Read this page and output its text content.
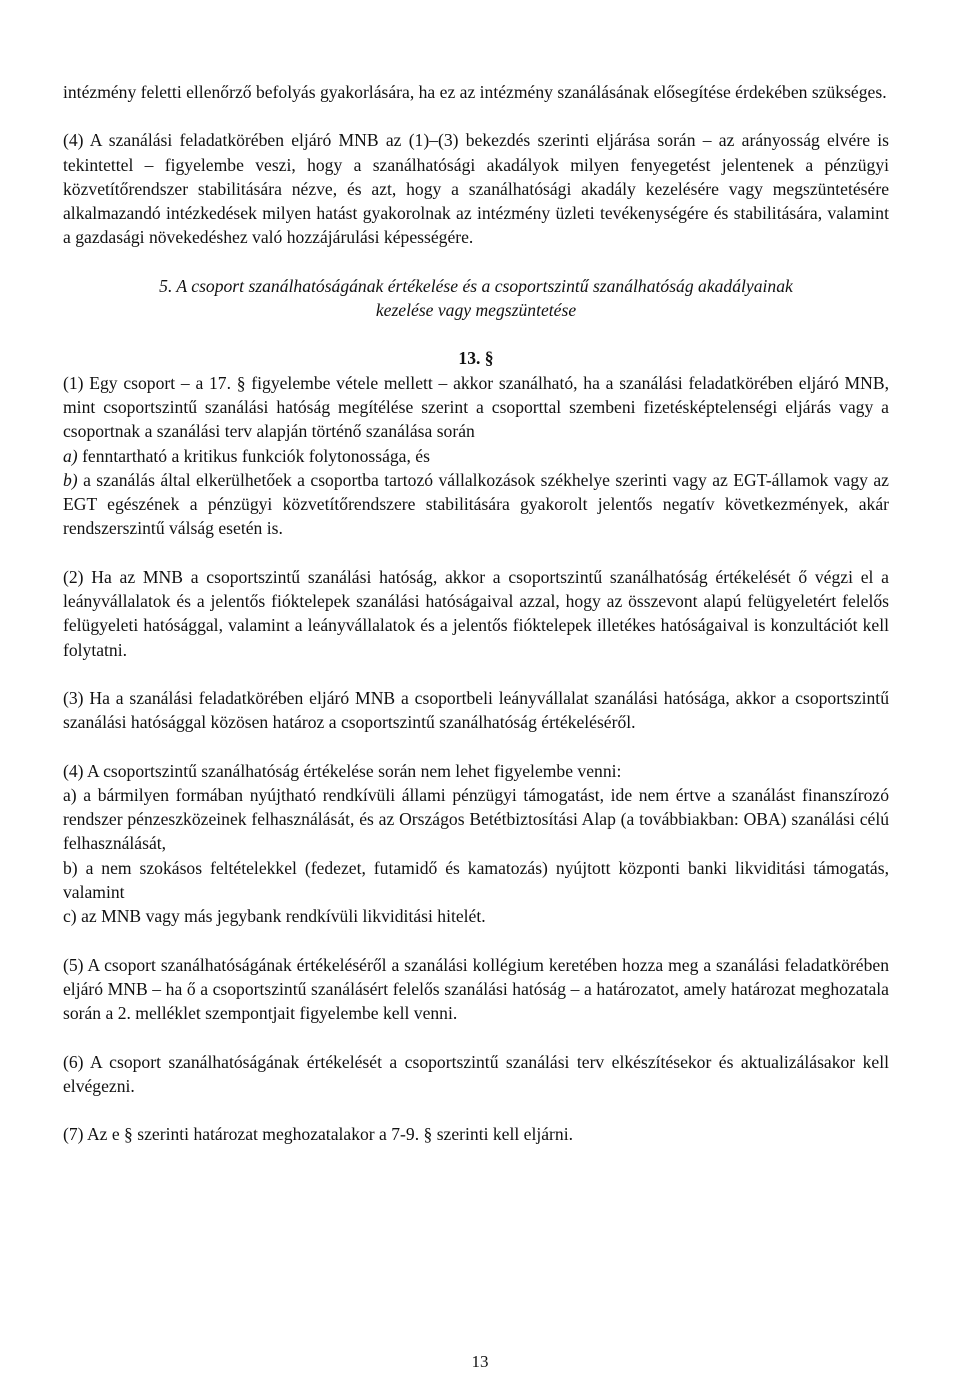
intézmény feletti ellenőrző befolyás gyakorlására, ha ez az intézmény szanálásának elősegítése érdekében szükséges.

(4) A szanálási feladatkörében eljáró MNB az (1)–(3) bekezdés szerinti eljárása során – az arányosság elvére is tekintettel – figyelembe veszi, hogy a szanálhatósági akadályok milyen fenyegetést jelentenek a pénzügyi közvetítőrendszer stabilitására nézve, és azt, hogy a szanálhatósági akadály kezelésére vagy megszüntetésére alkalmazandó intézkedések milyen hatást gyakorolnak az intézmény üzleti tevékenységére és stabilitására, valamint a gazdasági növekedéshez való hozzájárulási képességére.

5. A csoport szanálhatóságának értékelése és a csoportszintű szanálhatóság akadályainak
kezelése vagy megszüntetése
13. §

(1) Egy csoport – a 17. § figyelembe vétele mellett – akkor szanálható, ha a szanálási feladatkörében eljáró MNB, mint csoportszintű szanálási hatóság megítélése szerint a csoporttal szembeni fizetésképtelenségi eljárás vagy a csoportnak a szanálási terv alapján történő szanálása során

a) fenntartható a kritikus funkciók folytonossága, és

b) a szanálás által elkerülhetőek a csoportba tartozó vállalkozások székhelye szerinti vagy az EGT-államok vagy az EGT egészének a pénzügyi közvetítőrendszere stabilitására gyakorolt jelentős negatív következmények, akár rendszerszintű válság esetén is.

(2) Ha az MNB a csoportszintű szanálási hatóság, akkor a csoportszintű szanálhatóság értékelését ő végzi el a leányvállalatok és a jelentős fióktelepek szanálási hatóságaival azzal, hogy az összevont alapú felügyeletért felelős felügyeleti hatósággal, valamint a leányvállalatok és a jelentős fióktelepek illetékes hatóságaival is konzultációt kell folytatni.

(3) Ha a szanálási feladatkörében eljáró MNB a csoportbeli leányvállalat szanálási hatósága, akkor a csoportszintű szanálási hatósággal közösen határoz a csoportszintű szanálhatóság értékeléséről.

(4) A csoportszintű szanálhatóság értékelése során nem lehet figyelembe venni:

a) a bármilyen formában nyújtható rendkívüli állami pénzügyi támogatást, ide nem értve a szanálást finanszírozó rendszer pénzeszközeinek felhasználását, és az Országos Betétbiztosítási Alap (a továbbiakban: OBA) szanálási célú felhasználását,

b) a nem szokásos feltételekkel (fedezet, futamidő és kamatozás) nyújtott központi banki likviditási támogatás, valamint

c) az MNB vagy más jegybank rendkívüli likviditási hitelét.

(5) A csoport szanálhatóságának értékeléséről a szanálási kollégium keretében hozza meg a szanálási feladatkörében eljáró MNB – ha ő a csoportszintű szanálásért felelős szanálási hatóság – a határozatot, amely határozat meghozatala során a 2. melléklet szempontjait figyelembe kell venni.

(6) A csoport szanálhatóságának értékelését a csoportszintű szanálási terv elkészítésekor és aktualizálásakor kell elvégezni.

(7) Az e § szerinti határozat meghozatalakor a 7-9. § szerinti kell eljárni.

13
